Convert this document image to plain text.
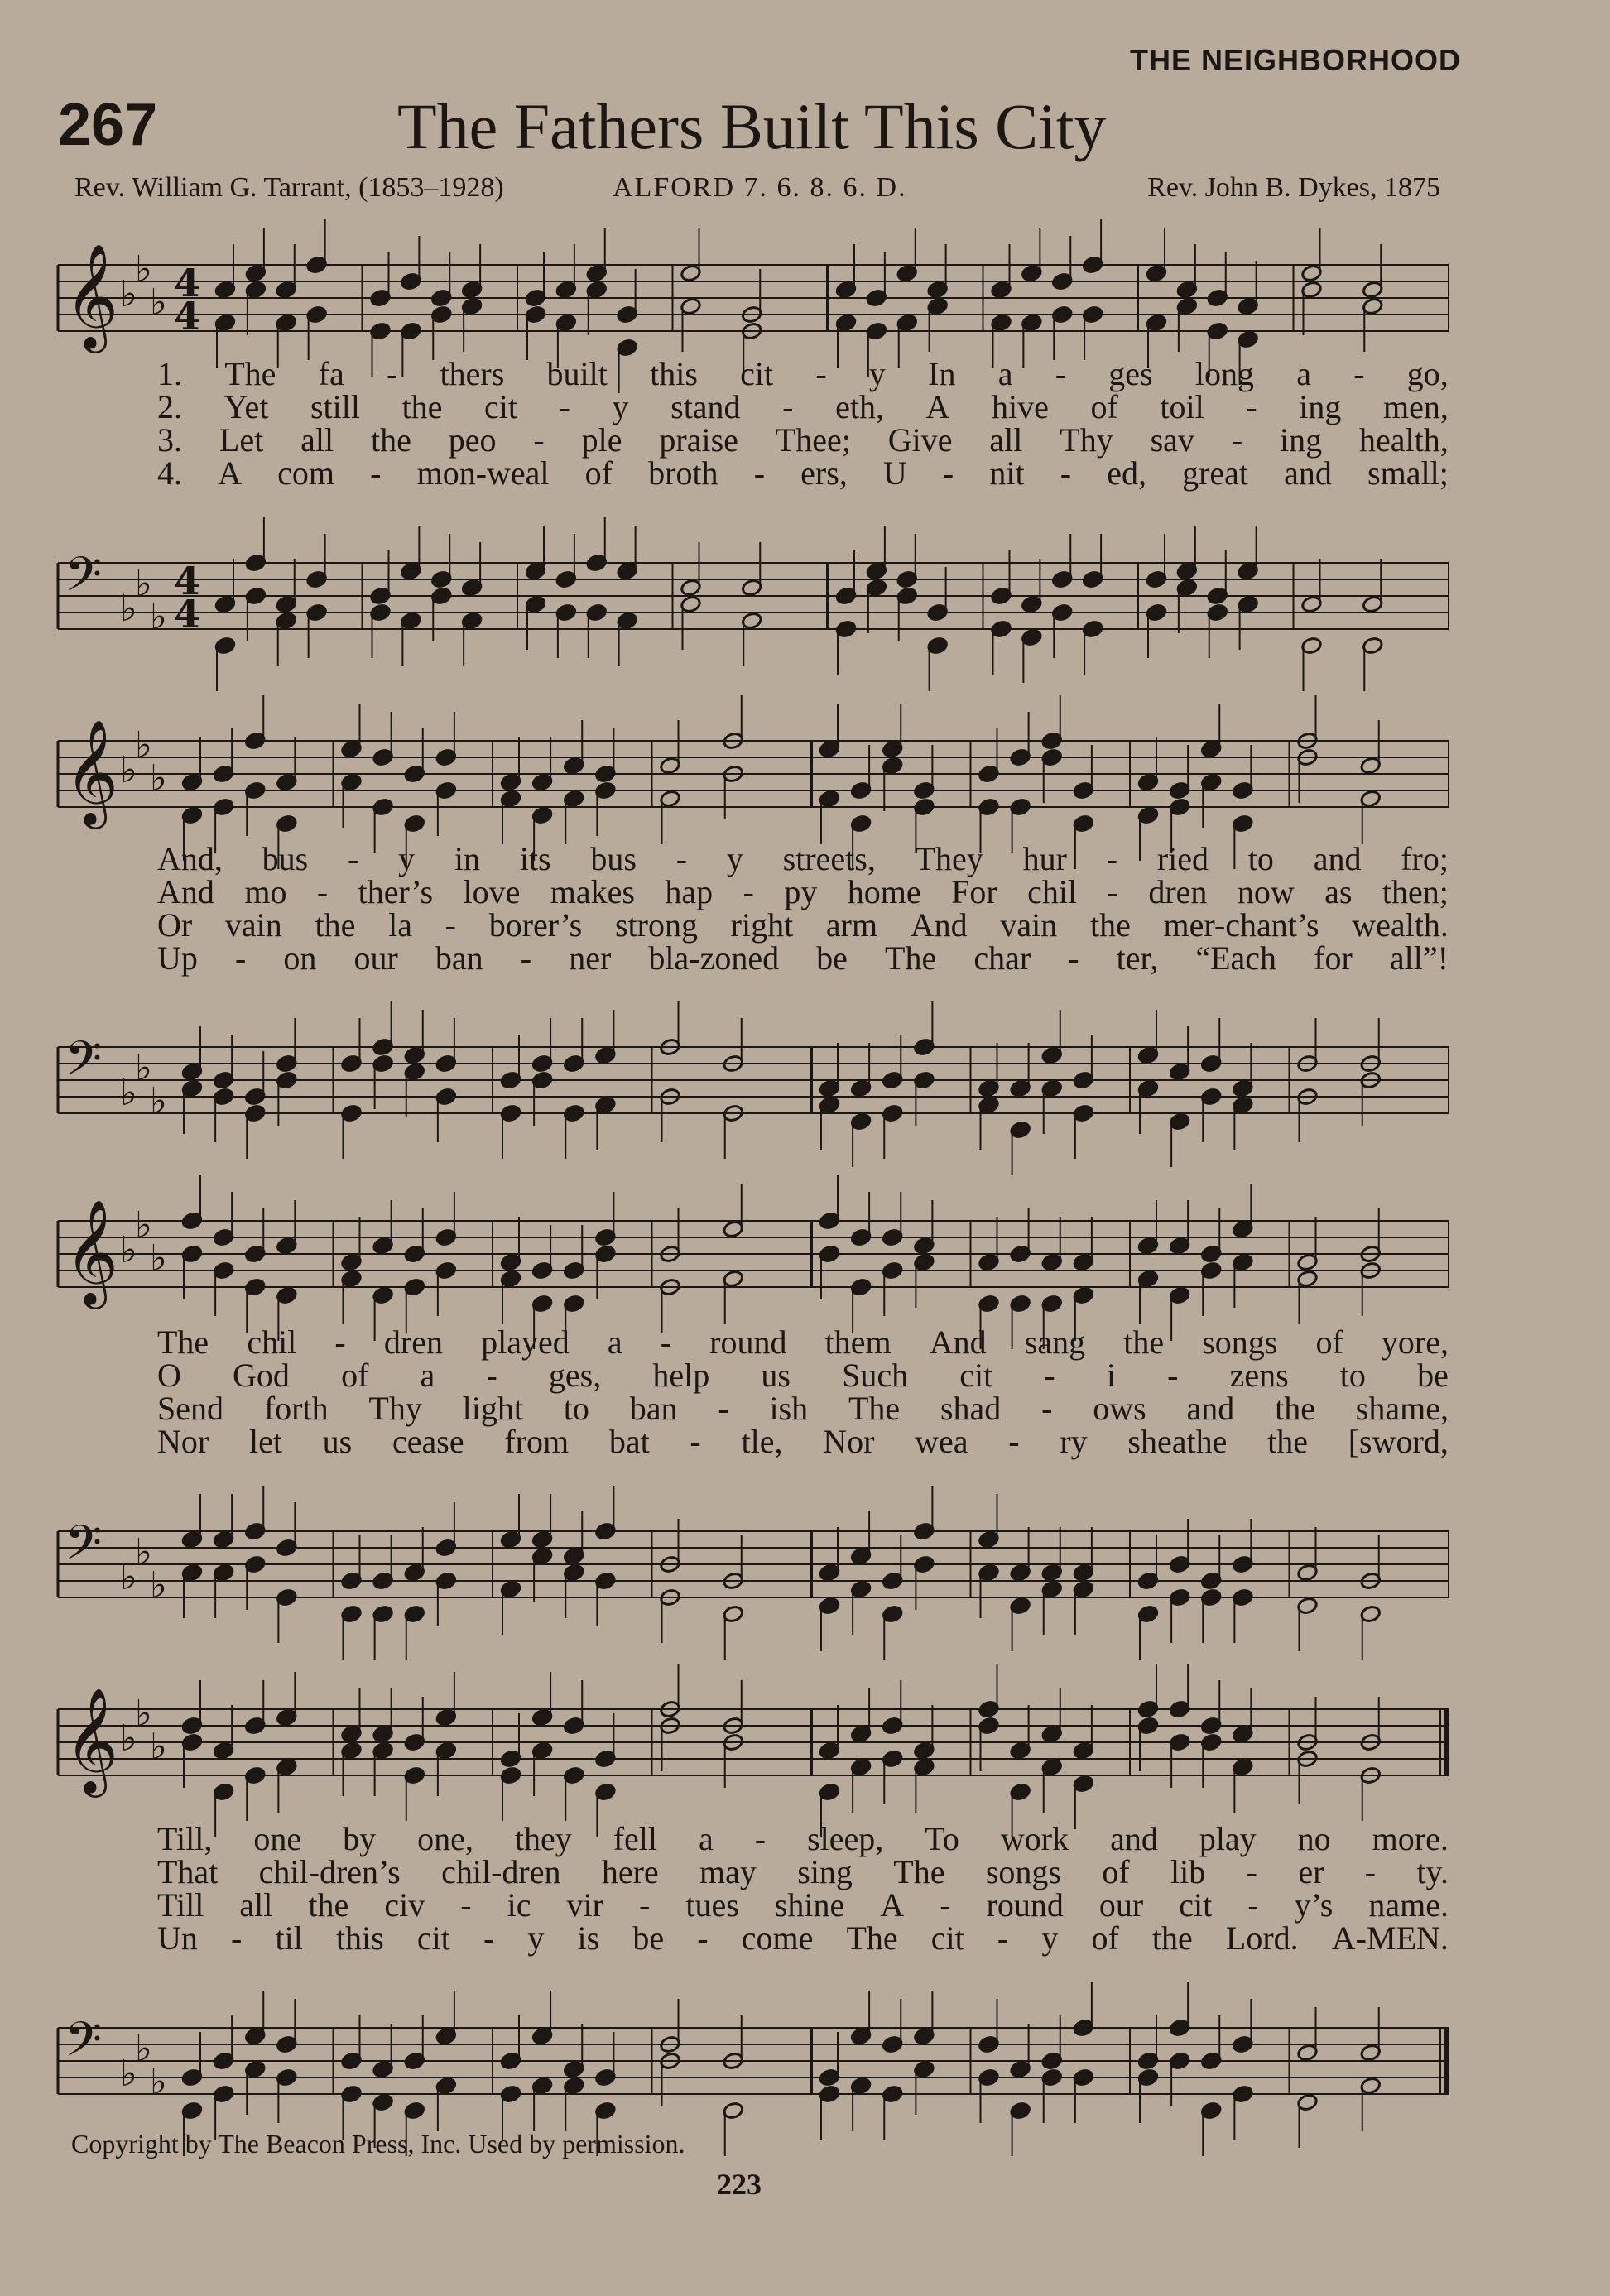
THE NEIGHBORHOOD
267	The Fathers Built This City
Rev. William G. Tarrant, (1853–1928)	ALFORD 7. 6. 8. 6. D.	Rev. John B. Dykes, 1875
𝄞 ♭
♭
♭ 4
4
1. The fa - thers built this cit - y In a - ges long a - go,
2. Yet still the cit - y stand - eth, A hive of toil - ing men,
3. Let all the peo - ple praise Thee; Give all Thy sav - ing health,
4. A com - mon-weal of broth - ers, U - nit - ed, great and small;
𝄢 ♭
♭
♭
4
4
𝄞 ♭
♭
♭
And, bus - y in its bus - y streets, They hur - ried to and fro;
And mo - ther’s love makes hap - py home For chil - dren now as then;
Or vain the la - borer’s strong right arm And vain the mer-chant’s wealth.
Up - on our ban - ner bla-zoned be The char - ter, “Each for all”!
𝄢 ♭
♭
♭
𝄞 ♭
♭
♭
The chil - dren played a - round them And sang the songs of yore,
O God of a - ges, help us Such cit - i - zens to be
Send forth Thy light to ban - ish The shad - ows and the shame,
Nor let us cease from bat - tle, Nor wea - ry sheathe the [sword,
𝄢 ♭
♭
♭
𝄞 ♭
♭
♭
Till, one by one, they fell a - sleep, To work and play no more.
That chil-dren’s chil-dren here may sing The songs of lib - er - ty.
Till all the civ - ic vir - tues shine A - round our cit - y’s name.
Un - til this cit - y is be - come The cit - y of the Lord. A-MEN.
𝄢 ♭
♭
♭
Copyright by The Beacon Press, Inc. Used by permission.
223
